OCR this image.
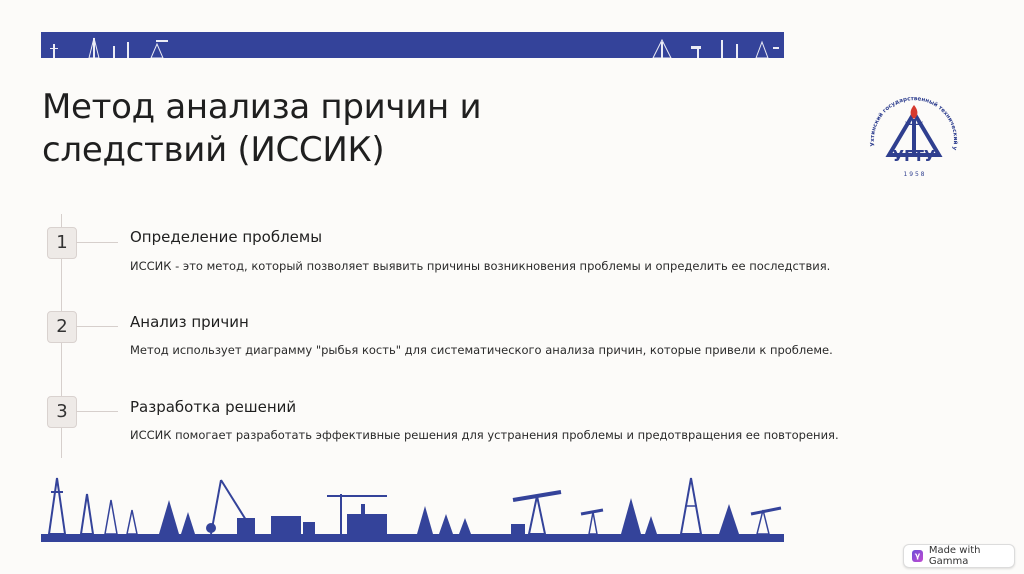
Метод анализа причин и
следствий (ИССИК)	Ухтинский государственный технический у
УГТУ
1 9 5 8
1	Определение проблемы
ИССИК - это метод, который позволяет выявить причины возникновения проблемы и определить ее последствия.
2	Анализ причин
Метод использует диаграмму "рыбья кость" для систематического анализа причин, которые привели к проблеме.
3	Разработка решений
ИССИК помогает разработать эффективные решения для устранения проблемы и предотвращения ее повторения.
γ Made with Gamma
